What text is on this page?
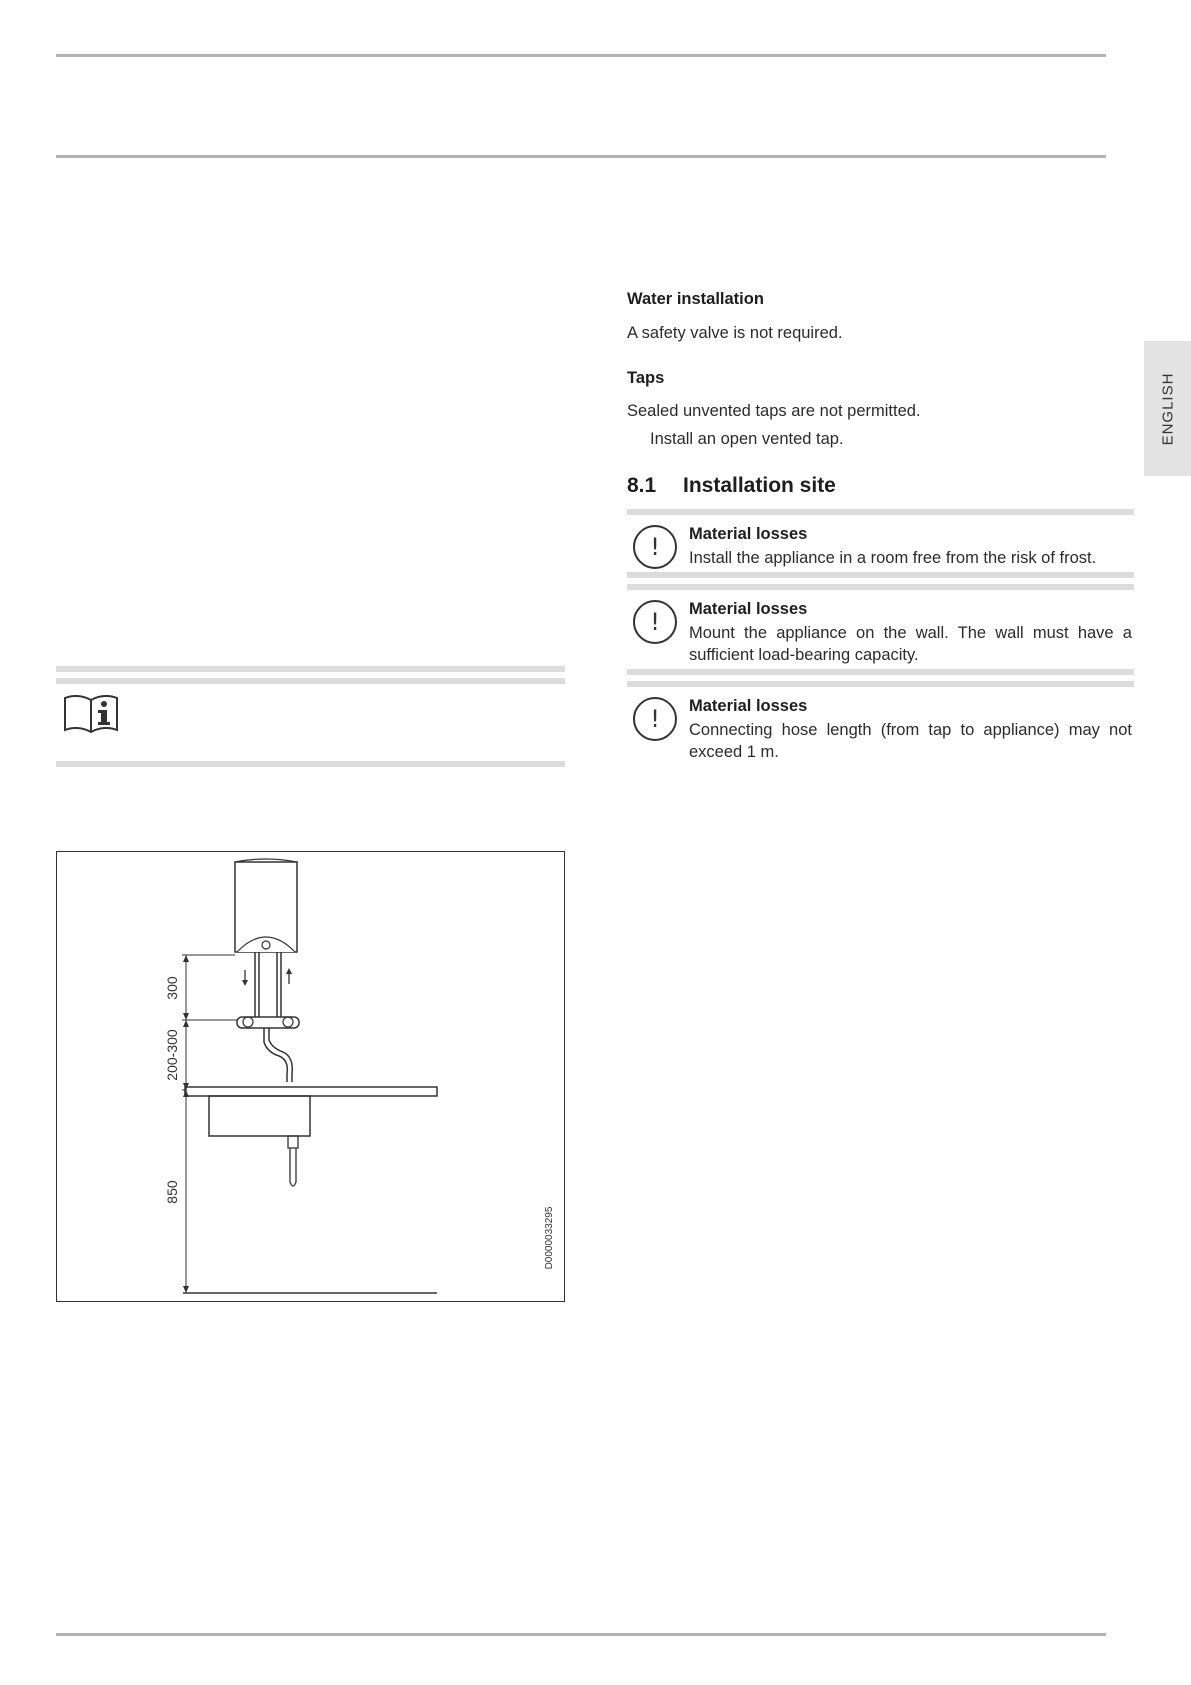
ENGLISH
Water installation
A safety valve is not required.
Taps
Sealed unvented taps are not permitted.
Install an open vented tap.
8.1 Installation site
!	Material losses
Install the appliance in a room free from the risk of frost.
!	Material losses
Mount the appliance on the wall. The wall must have a sufficient load-bearing capacity.
!	Material losses
Connecting hose length (from tap to appliance) may not exceed 1 m.
300
200-300
850
D0000033295
